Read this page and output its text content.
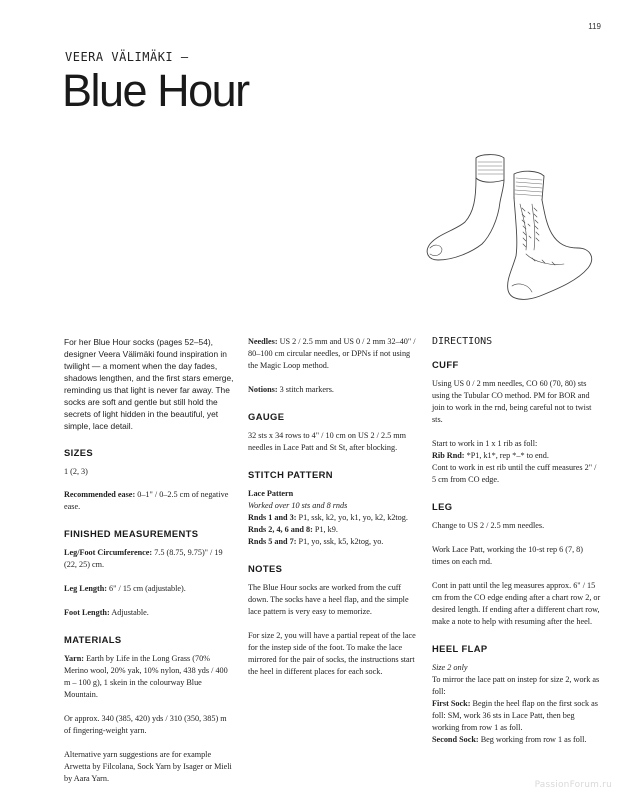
119
VEERA VÄLIMÄKI —
Blue Hour

For her Blue Hour socks (pages 52–54), designer Veera Välimäki found inspiration in twilight — a moment when the day fades, shadows lengthen, and the first stars emerge, reminding us that light is never far away. The socks are soft and gentle but still hold the secrets of light hidden in the beautiful, yet simple, lace detail.

SIZES

1 (2, 3)

Recommended ease: 0–1" / 0–2.5 cm of negative ease.

FINISHED MEASUREMENTS

Leg/Foot Circumference: 7.5 (8.75, 9.75)" / 19 (22, 25) cm.

Leg Length: 6" / 15 cm (adjustable).

Foot Length: Adjustable.

MATERIALS

Yarn: Earth by Life in the Long Grass (70% Merino wool, 20% yak, 10% nylon, 438 yds / 400 m – 100 g), 1 skein in the colourway Blue Mountain.

Or approx. 340 (385, 420) yds / 310 (350, 385) m of fingering-weight yarn.

Alternative yarn suggestions are for example Arwetta by Filcolana, Sock Yarn by Isager or Mieli by Aara Yarn.

Needles: US 2 / 2.5 mm and US 0 / 2 mm 32–40" / 80–100 cm circular needles, or DPNs if not using the Magic Loop method.

Notions: 3 stitch markers.

GAUGE

32 sts x 34 rows to 4" / 10 cm on US 2 / 2.5 mm needles in Lace Patt and St St, after blocking.

STITCH PATTERN

Lace Pattern
Worked over 10 sts and 8 rnds
Rnds 1 and 3: P1, ssk, k2, yo, k1, yo, k2, k2tog.
Rnds 2, 4, 6 and 8: P1, k9.
Rnds 5 and 7: P1, yo, ssk, k5, k2tog, yo.

NOTES

The Blue Hour socks are worked from the cuff down. The socks have a heel flap, and the simple lace pattern is very easy to memorize.

For size 2, you will have a partial repeat of the lace for the instep side of the foot. To make the lace mirrored for the pair of socks, the instructions start the heel in different places for each sock.

DIRECTIONS
CUFF

Using US 0 / 2 mm needles, CO 60 (70, 80) sts using the Tubular CO method. PM for BOR and join to work in the rnd, being careful not to twist sts.

Start to work in 1 x 1 rib as foll:
Rib Rnd: *P1, k1*, rep *–* to end.
Cont to work in est rib until the cuff measures 2" / 5 cm from CO edge.

LEG

Change to US 2 / 2.5 mm needles.

Work Lace Patt, working the 10-st rep 6 (7, 8) times on each rnd.

Cont in patt until the leg measures approx. 6" / 15 cm from the CO edge ending after a chart row 2, or desired length. If ending after a different chart row, make a note to help with resuming after the heel.

HEEL FLAP

Size 2 only
To mirror the lace patt on instep for size 2, work as foll:
First Sock: Begin the heel flap on the first sock as foll: SM, work 36 sts in Lace Patt, then beg working from row 1 as foll.
Second Sock: Beg working from row 1 as foll.

PassionForum.ru
